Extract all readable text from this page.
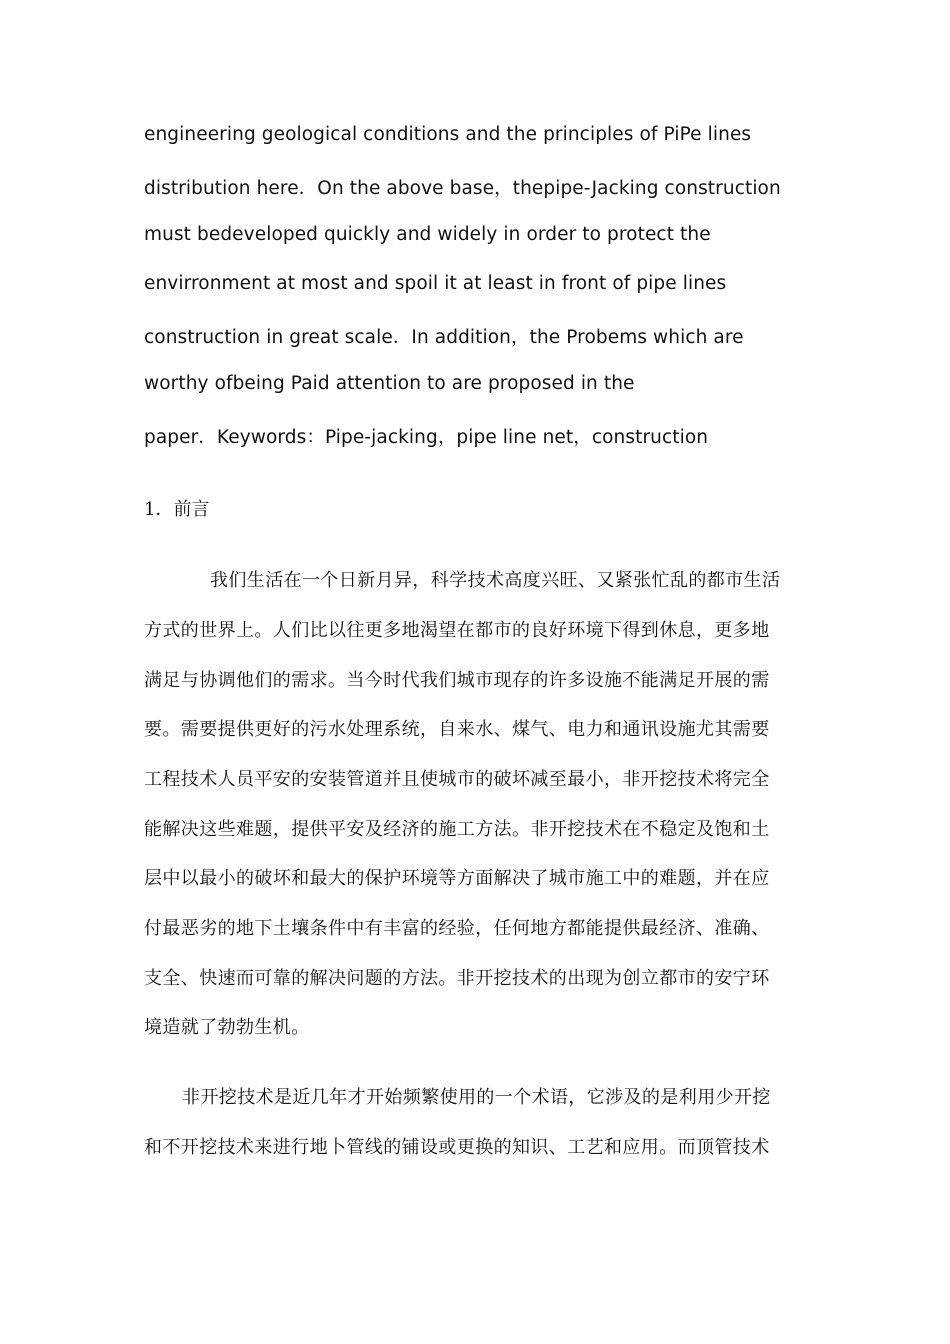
engineering geological conditions and the principles of PiPe lines
distribution here．On the above base，thepipe-Jacking construction
must bedeveloped quickly and widely in order to protect the
envirronment at most and spoil it at least in front of pipe lines
construction in great scale．In addition，the Probems which are
worthy ofbeing Paid attention to are proposed in the
paper．Keywords：Pipe-jacking，pipe line net，construction
1．前言
我们生活在一个日新月异，科学技术高度兴旺、又紧张忙乱的都市生活
方式的世界上。人们比以往更多地渴望在都市的良好环境下得到休息，更多地
满足与协调他们的需求。当今时代我们城市现存的许多设施不能满足开展的需
要。需要提供更好的污水处理系统，自来水、煤气、电力和通讯设施尤其需要
工程技术人员平安的安装管道并且使城市的破坏减至最小，非开挖技术将完全
能解决这些难题，提供平安及经济的施工方法。非开挖技术在不稳定及饱和土
层中以最小的破坏和最大的保护环境等方面解决了城市施工中的难题，并在应
付最恶劣的地下土壤条件中有丰富的经验，任何地方都能提供最经济、准确、
支全、快速而可靠的解决问题的方法。非开挖技术的出现为创立都市的安宁环
境造就了勃勃生机。
非开挖技术是近几年才开始频繁使用的一个术语，它涉及的是利用少开挖
和不开挖技术来进行地卜管线的铺设或更换的知识、工艺和应用。而顶管技术
